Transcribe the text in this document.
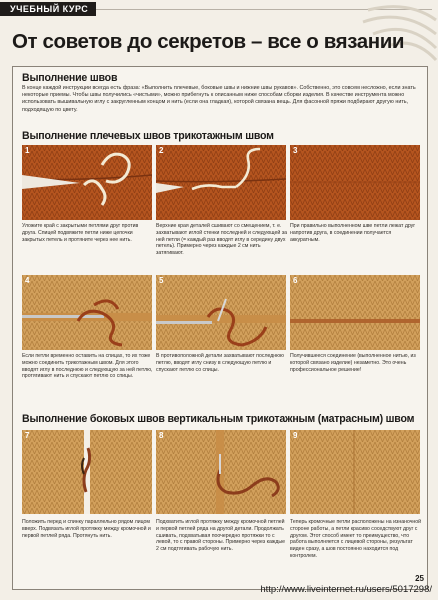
УЧЕБНЫЙ КУРС
От советов до секретов – все о вязании
Выполнение швов
В конце каждой инструкции всегда есть фраза: «Выполнить плечевые, боковые швы и нижние швы рукавов». Собственно, это совсем несложно, если знать некоторые приемы. Чтобы швы получились «чистыми», можно прибегнуть к описанным ниже способам сборки изделия. В качестве инструмента можно использовать вышивальную иглу с закругленным концом и нить (если она гладкая), которой связана вещь. Для фасонной пряжи подбирают другую нить, подходящую по цвету.
Выполнение плечевых швов трикотажным швом
1	2	3
Уложите край с закрытыми петлями друг против друга. Спицей подвяжите петли ниже цепочки закрытых петель и протяните через нее нить.
Верхние края деталей сшивают со смещением, т. е. захватывают иглой стенки последней и следующей за ней петли (= каждый раз вводят иглу в середину двух петель). Примерно через каждые 2 см нить затягивают.
При правильно выполненном шве петли лежат друг напротив друга, в соединении получается аккуратным.
4	5	6
Если петли временно оставить на спицах, то их тоже можно соединить трикотажным швом. Для этого вводят иглу в последнюю и следующую за ней петлю, протягивают нить и спускают петлю со спицы.
В противоположной детали захватывают последнюю петлю, вводят иглу снизу в следующую петлю и спускают петлю со спицы.
Получившееся соединение (выполненное нитью, из которой связано изделие) незаметно. Это очень профессиональное решение!
Выполнение боковых швов вертикальным трикотажным (матрасным) швом
7	8	9
Положить перед и спинку параллельно рядом лицом вверх. Подвязать иглой протяжку между кромочной и первой петлей ряда. Протянуть нить.
Подхватить иглой протяжку между кромочной петлей и первой петлей ряда на другой детали. Продолжать сшивать, подхватывая поочередно протяжки то с левой, то с правой стороны. Примерно через каждые 2 см подтягивать рабочую нить.
Теперь кромочные петли расположены на изнаночной стороне работы, а петли красиво соседствуют друг с другом. Этот способ имеет то преимущество, что работа выполняется с лицевой стороны, результат виден сразу, а шов постоянно находится под контролем.
25
http://www.liveinternet.ru/users/5017298/
